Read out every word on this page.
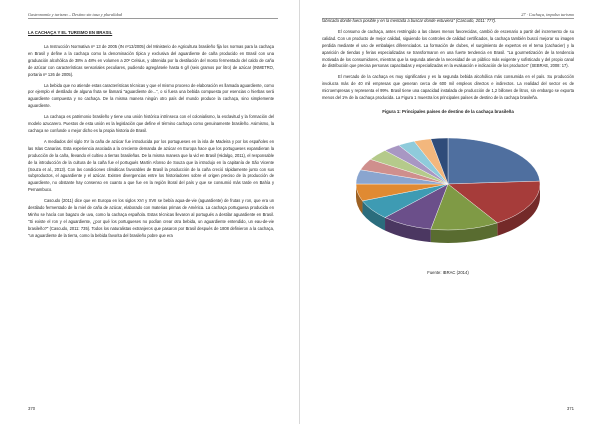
Gastronomía y turismo – Destino sin tasa y pluralidad
LA CACHAÇA Y EL TURISMO EN BRASIL

La Instrucción Normativa nº 13 de 2005 (IN nº13/2005) del Ministerio de Agricultura brasileño fija los normas para la cachaça en Brasil y define a la cachaça como la denominación típica y exclusiva del aguardiente de caña producido en Brasil con una graduación alcohólica de 38% a 48% en volumen a 20º Celsius, y obtenida por la destilación del mosto fermentado del caldo de caña de azúcar con características sensoriales peculiares, pudiendo agregársele hasta 6 g/l (seis gramos por litro) de azúcar (INMETRO, portaria nº 126 de 2005).

La bebida que no atiende estas características técnicas y que el mismo proceso de elaboración es llamada aguardiente, como por ejemplo el destilado de alguna fruta se llamará "aguardiente de...", o si fuera una bebida compuesta por esencias o hierbas será aguardiente compuesta y no cachaça. De la misma manera ningún otro país del mundo produce la cachaça, sino simplemente aguardiente.

La cachaça es patrimonio brasileño y tiene una unión histórica intrínseca con el colonialismo, la esclavitud y la formación del modelo azucarero. Puestos de esta unión es la legislación que define el término cachaça como genuinamente brasileño. Asimismo, la cachaça se confunde o mejor dicho es la propia historia de Brasil.

A mediados del siglo XV la caña de azúcar fue introducida por los portugueses en la isla de Madeira y por los españoles en las Islas Canarias. Esta experiencia asociada a la creciente demanda de azúcar en Europa hace que los portugueses expandieran la producción de la caña, llevando el cultivo a tierras brasileñas. De la misma manera que la vid en Brasil (Hidalgo, 2011), el responsable de la introducción de la cultura de la caña fue el portugués Martín Afonso de Souza que la introdujo en la capitanía de São Vicente (Souza et al., 2013). Con las condiciones climáticas favorables de Brasil la producción de la caña creció rápidamente junto con sus subproductos, el aguardiente y el azúcar. Existen divergencias entre los historiadores sobre el origen preciso de la producción de aguardiente, no obstante hay consenso en cuanto a que fue en la región litoral del país y que se consumió más tarde en Bahía y Pernambuco.

Cascudo (2011) dice que en Europa en los siglos XVI y XVII se bebía aqua-de-vie (aguardiente) de frutas y ron, que era un destilado fermentado de la miel de caña de azúcar, elaborado con materias primas de América. La cachaça portuguesa producida en Minho se hacía con bagazo de uva, como la cachaça española. Estas técnicas llevaron al portugués a destilar aguardiente en Brasil. "Si existe el ron y el aguardiente, ¿por qué los portugueses no podían crear otra bebida, un aguardiente entendido, un eau-de-vie brasileño?" (Cascudo, 2011: 735). Todos los naturalistas extranjeros que pasaron por Brasil después de 1808 definieron a la cachaça, "un aguardiente de la tierra, como la bebida favorita del brasileño pobre que era

370
27 · Cachaça, impulso turismo

fabricada donde fuera posible y en la mentada a buscar donde estuviera" (Cascudo, 2011: 777).

El consumo de cachaça, antes restringido a las clases menos favorecidas, cambió de escenario a partir del incremento de su calidad. Con un producto de mejor calidad, siguiendo los controles de calidad certificados, la cachaça también buscó mejorar su imagen perdida mediante el uso de embalajes diferenciados. La formación de clubes, el surgimiento de expertos en el tema (cachacier) y la aparición de tiendas y ferias especializadas se transformaron en una fuerte tendencia en Brasil. "La gourmetización de la tendencia motivada de los consumidores, mientras que la segunda atiende la necesidad de un público más exigente y sofisticado y del propio canal de distribución que precisa personas capacitadas y especializadas en la evaluación e indicación de los productos" (SEBRAE, 2008: 17).

El mercado de la cachaça es muy significativo y es la segunda bebida alcohólica más consumida en el país. Su producción involucra más de 40 mil empresas que generan cerca de 600 mil empleos directos e indirectos. La realidad del sector es de microempresas y representa el 99%. Brasil tiene una capacidad instalada de producción de 1,2 billones de litros, sin embargo se exporta menos del 1% de la cachaça producida. La Figura 1 muestra los principales países de destino de la cachaça brasileña.

Figura 1: Principales países de destino de la cachaça brasileña
Fuente: IBRAC (2014)
371
